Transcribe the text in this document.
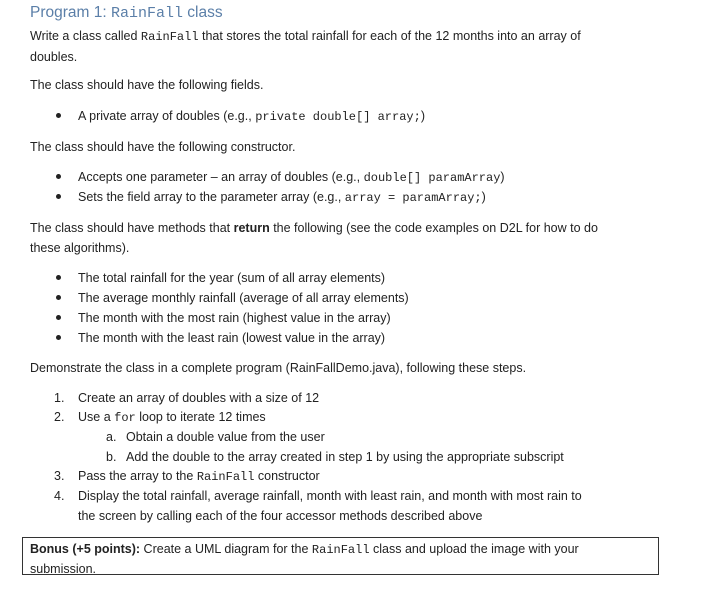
Program 1: RainFall class
Write a class called RainFall that stores the total rainfall for each of the 12 months into an array of
doubles.
The class should have the following fields.
A private array of doubles (e.g., private double[] array;)
The class should have the following constructor.
Accepts one parameter – an array of doubles (e.g., double[] paramArray)
Sets the field array to the parameter array (e.g., array = paramArray;)
The class should have methods that return the following (see the code examples on D2L for how to do
these algorithms).
The total rainfall for the year (sum of all array elements)
The average monthly rainfall (average of all array elements)
The month with the most rain (highest value in the array)
The month with the least rain (lowest value in the array)
Demonstrate the class in a complete program (RainFallDemo.java), following these steps.
1. Create an array of doubles with a size of 12
2. Use a for loop to iterate 12 times
a. Obtain a double value from the user
b. Add the double to the array created in step 1 by using the appropriate subscript
3. Pass the array to the RainFall constructor
4. Display the total rainfall, average rainfall, month with least rain, and month with most rain to
the screen by calling each of the four accessor methods described above
Bonus (+5 points): Create a UML diagram for the RainFall class and upload the image with your
submission.
